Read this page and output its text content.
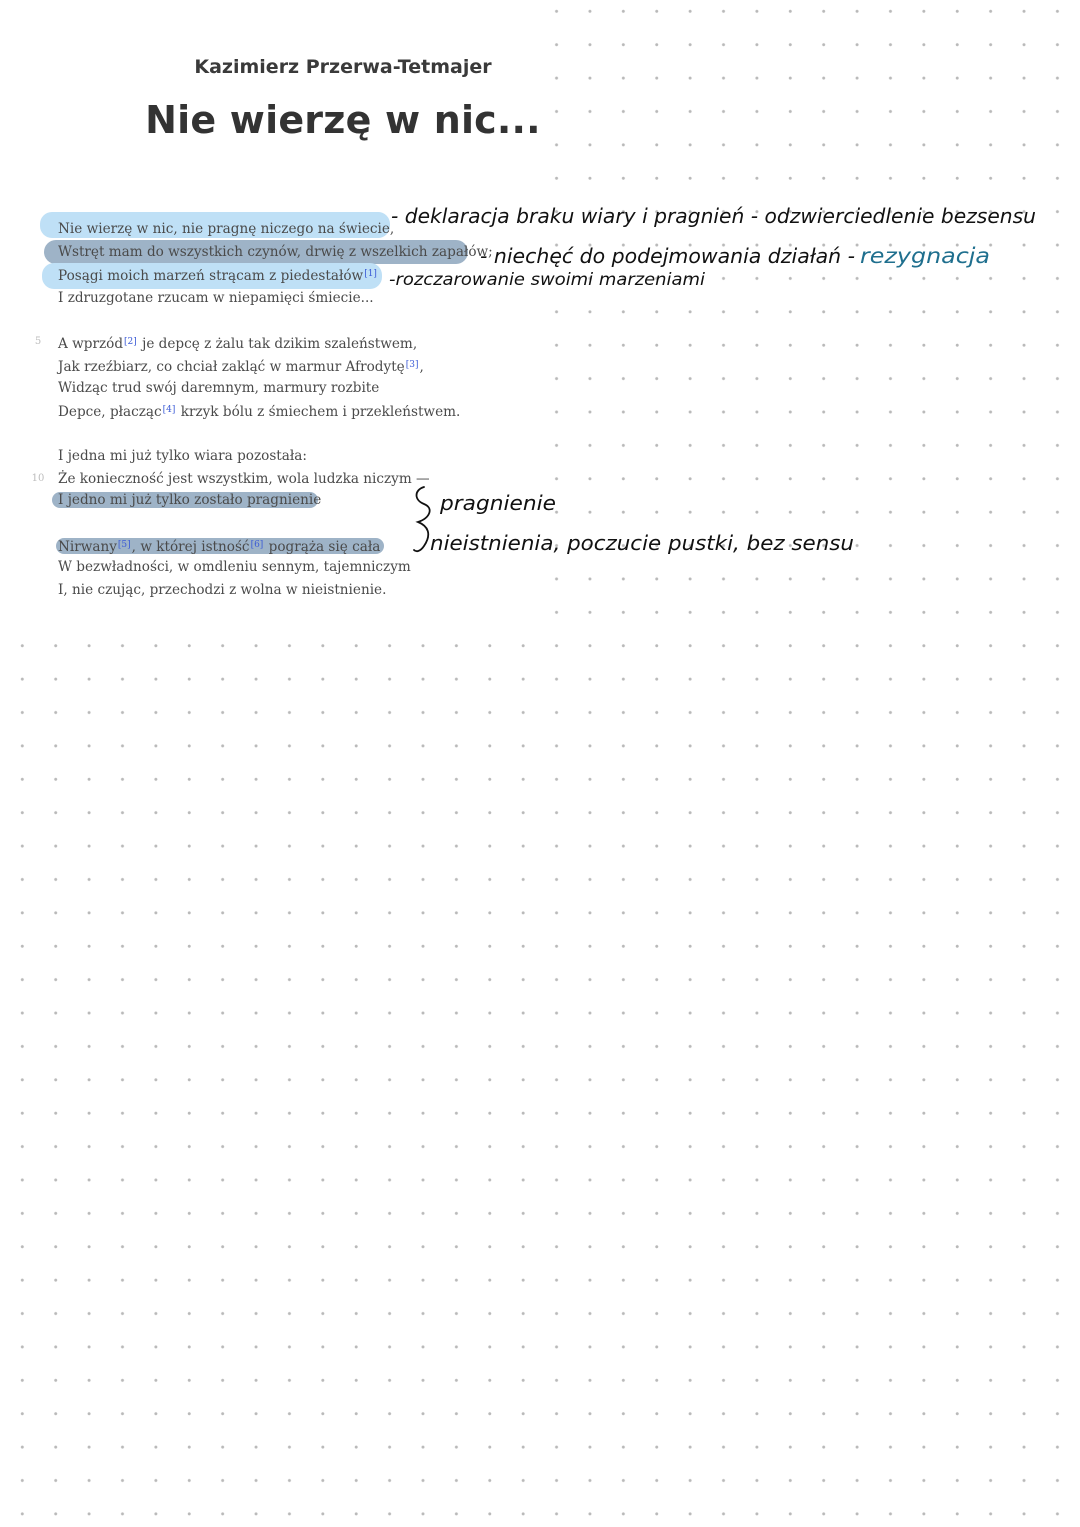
Kazimierz Przerwa-Tetmajer
Nie wierzę w nic...
5
10
Nie wierzę w nic, nie pragnę niczego na świecie,
Wstręt mam do wszystkich czynów, drwię z wszelkich zapałów;
Posągi moich marzeń strącam z piedestałów[1]
I zdruzgotane rzucam w niepamięci śmiecie...
A wprzód[2] je depcę z żalu tak dzikim szaleństwem,
Jak rzeźbiarz, co chciał zakląć w marmur Afrodytę[3],
Widząc trud swój daremnym, marmury rozbite
Depce, płacząc[4] krzyk bólu z śmiechem i przekleństwem.
I jedna mi już tylko wiara pozostała:
Że konieczność jest wszystkim, wola ludzka niczym —
I jedno mi już tylko zostało pragnienie
Nirwany[5], w której istność[6] pogrąża się cała
W bezwładności, w omdleniu sennym, tajemniczym
I, nie czując, przechodzi z wolna w nieistnienie.
- deklaracja braku wiary i pragnień - odzwierciedlenie bezsensu
- niechęć do podejmowania działań - rezygnacja
-rozczarowanie swoimi marzeniami
pragnienie
nieistnienia, poczucie pustki, bez sensu
